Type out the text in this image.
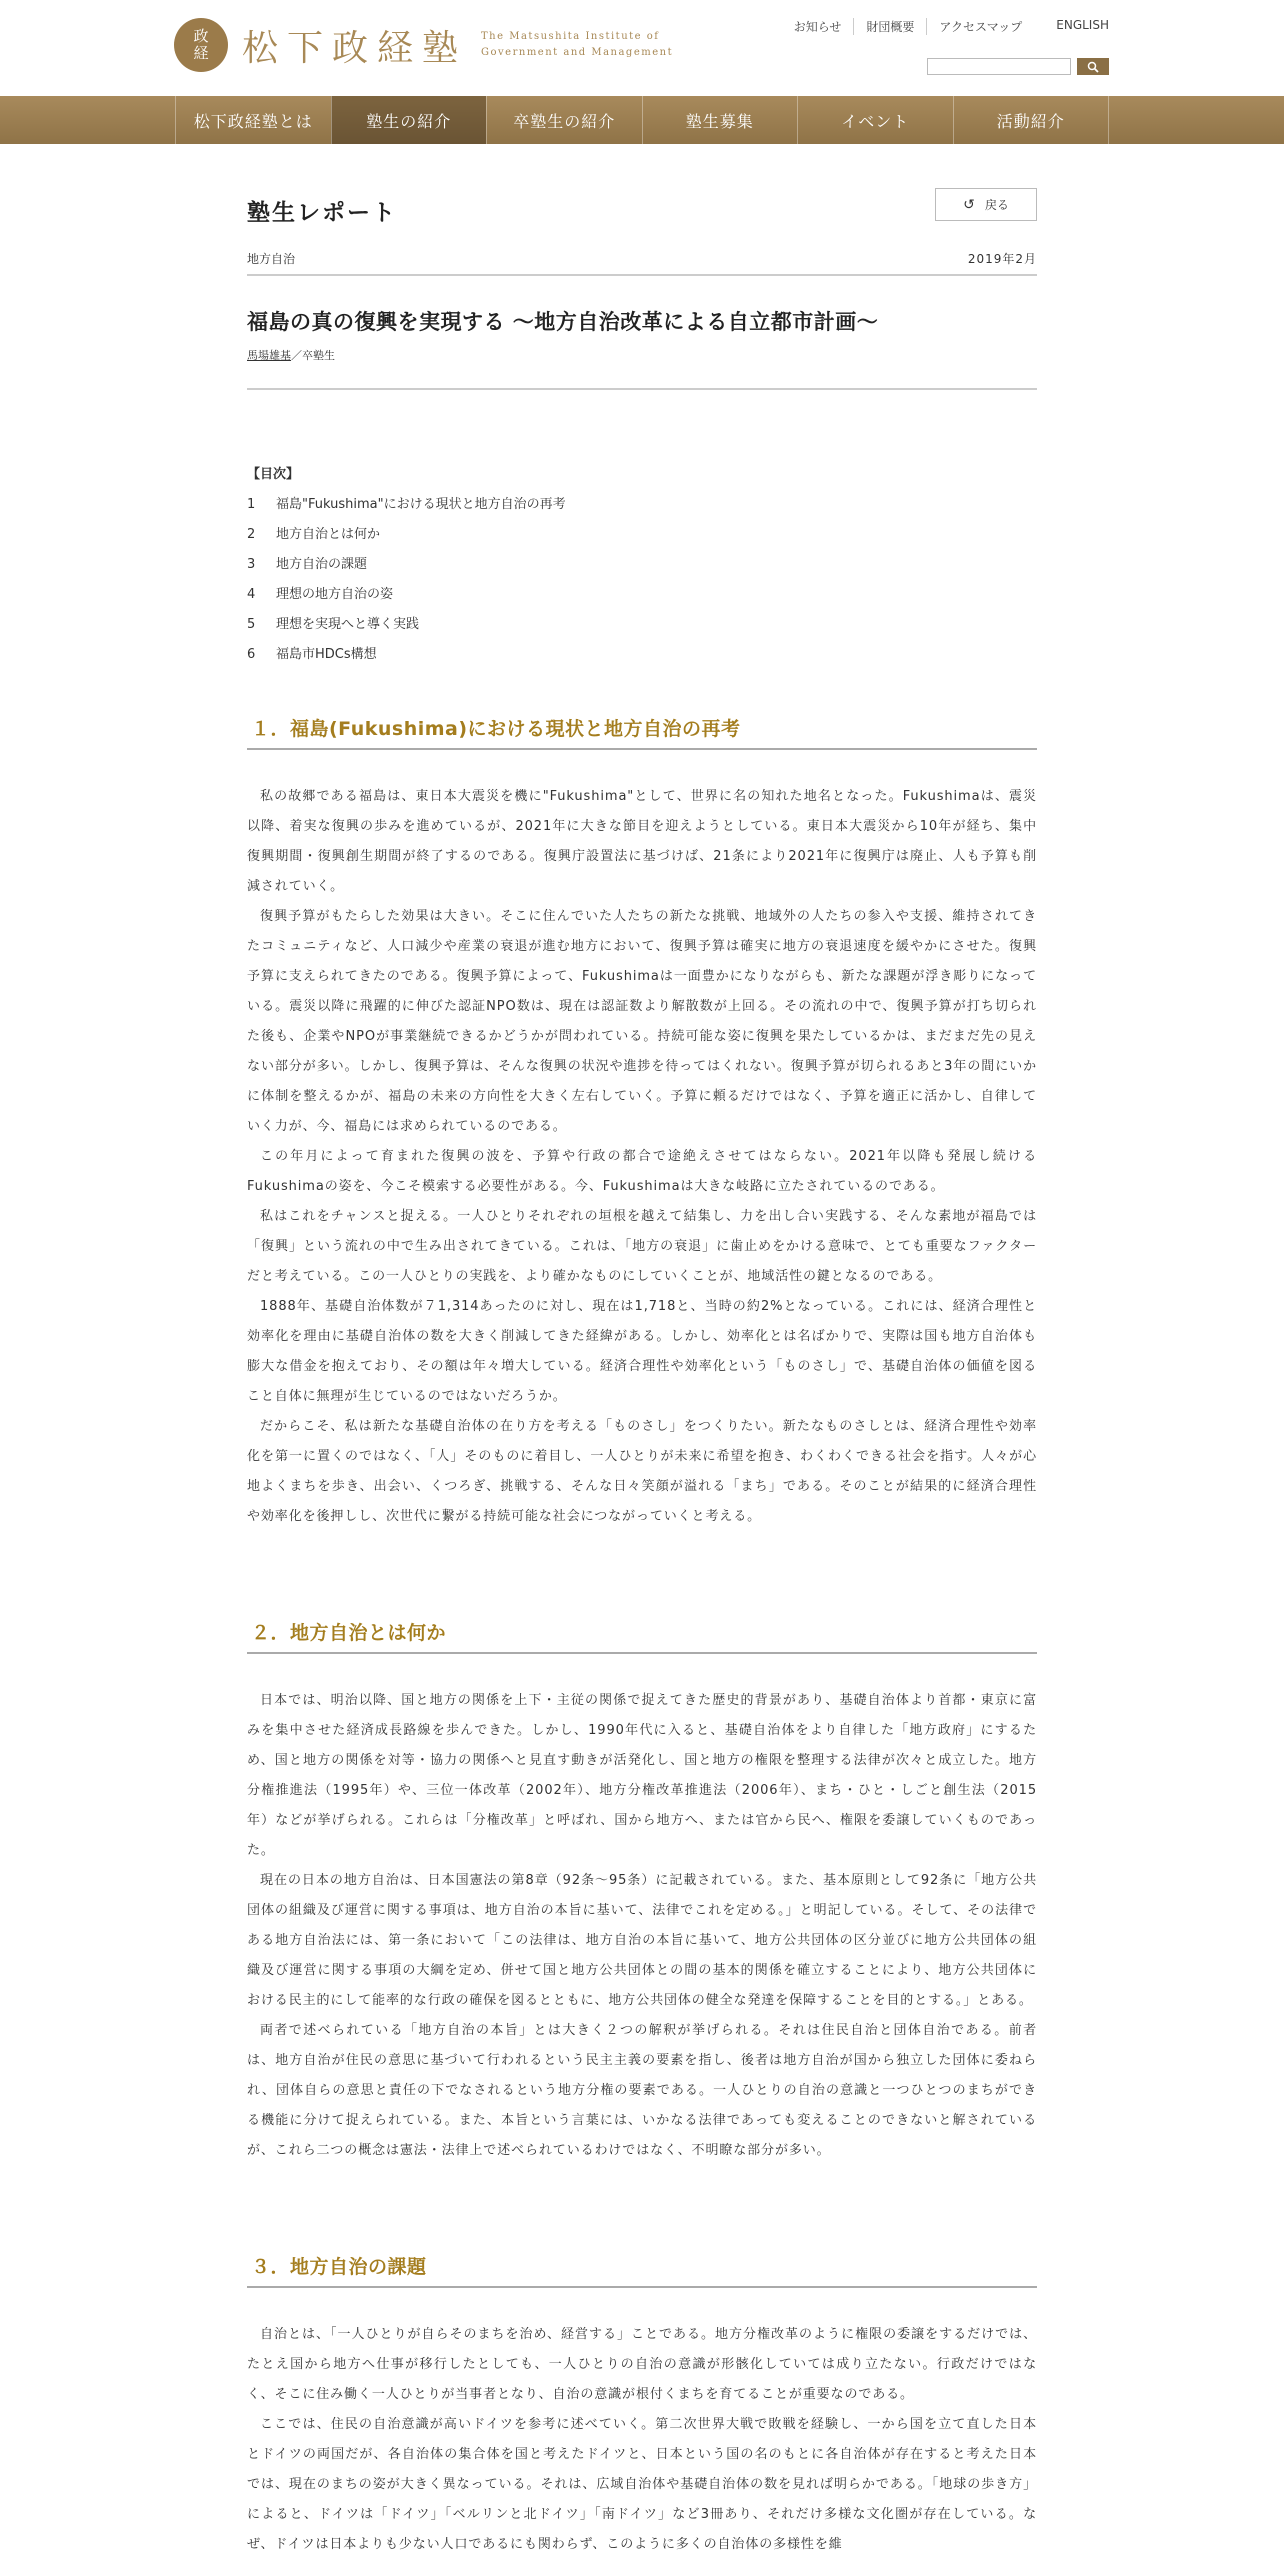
政
経 松下政経塾 The Matsushita Institute of
Government and Management
お知らせ	財団概要	アクセスマップ	ENGLISH
松下政経塾とは	塾生の紹介	卒塾生の紹介	塾生募集	イベント	活動紹介
塾生レポート	↺ 戻る
地方自治	2019年2月
福島の真の復興を実現する ～地方自治改革による自立都市計画～
馬場雄基／卒塾生
【目次】
1	福島"Fukushima"における現状と地方自治の再考
2	地方自治とは何か
3	地方自治の課題
4	理想の地方自治の姿
5	理想を実現へと導く実践
6	福島市HDCs構想
１．福島(Fukushima)における現状と地方自治の再考

私の故郷である福島は、東日本大震災を機に"Fukushima"として、世界に名の知れた地名となった。Fukushimaは、震災以降、着実な復興の歩みを進めているが、2021年に大きな節目を迎えようとしている。東日本大震災から10年が経ち、集中復興期間・復興創生期間が終了するのである。復興庁設置法に基づけば、21条により2021年に復興庁は廃止、人も予算も削減されていく。

復興予算がもたらした効果は大きい。そこに住んでいた人たちの新たな挑戦、地域外の人たちの参入や支援、維持されてきたコミュニティなど、人口減少や産業の衰退が進む地方において、復興予算は確実に地方の衰退速度を緩やかにさせた。復興予算に支えられてきたのである。復興予算によって、Fukushimaは一面豊かになりながらも、新たな課題が浮き彫りになっている。震災以降に飛躍的に伸びた認証NPO数は、現在は認証数より解散数が上回る。その流れの中で、復興予算が打ち切られた後も、企業やNPOが事業継続できるかどうかが問われている。持続可能な姿に復興を果たしているかは、まだまだ先の見えない部分が多い。しかし、復興予算は、そんな復興の状況や進捗を待ってはくれない。復興予算が切られるあと3年の間にいかに体制を整えるかが、福島の未来の方向性を大きく左右していく。予算に頼るだけではなく、予算を適正に活かし、自律していく力が、今、福島には求められているのである。

この年月によって育まれた復興の波を、予算や行政の都合で途絶えさせてはならない。2021年以降も発展し続けるFukushimaの姿を、今こそ模索する必要性がある。今、Fukushimaは大きな岐路に立たされているのである。

私はこれをチャンスと捉える。一人ひとりそれぞれの垣根を越えて結集し、力を出し合い実践する、そんな素地が福島では「復興」という流れの中で生み出されてきている。これは、「地方の衰退」に歯止めをかける意味で、とても重要なファクターだと考えている。この一人ひとりの実践を、より確かなものにしていくことが、地域活性の鍵となるのである。

1888年、基礎自治体数が７1,314あったのに対し、現在は1,718と、当時の約2%となっている。これには、経済合理性と効率化を理由に基礎自治体の数を大きく削減してきた経緯がある。しかし、効率化とは名ばかりで、実際は国も地方自治体も膨大な借金を抱えており、その額は年々増大している。経済合理性や効率化という「ものさし」で、基礎自治体の価値を図ること自体に無理が生じているのではないだろうか。

だからこそ、私は新たな基礎自治体の在り方を考える「ものさし」をつくりたい。新たなものさしとは、経済合理性や効率化を第一に置くのではなく、「人」そのものに着目し、一人ひとりが未来に希望を抱き、わくわくできる社会を指す。人々が心地よくまちを歩き、出会い、くつろぎ、挑戦する、そんな日々笑顔が溢れる「まち」である。そのことが結果的に経済合理性や効率化を後押しし、次世代に繋がる持続可能な社会につながっていくと考える。

２．地方自治とは何か

日本では、明治以降、国と地方の関係を上下・主従の関係で捉えてきた歴史的背景があり、基礎自治体より首都・東京に富みを集中させた経済成長路線を歩んできた。しかし、1990年代に入ると、基礎自治体をより自律した「地方政府」にするため、国と地方の関係を対等・協力の関係へと見直す動きが活発化し、国と地方の権限を整理する法律が次々と成立した。地方分権推進法（1995年）や、三位一体改革（2002年）、地方分権改革推進法（2006年）、まち・ひと・しごと創生法（2015年）などが挙げられる。これらは「分権改革」と呼ばれ、国から地方へ、または官から民へ、権限を委譲していくものであった。

現在の日本の地方自治は、日本国憲法の第8章（92条～95条）に記載されている。また、基本原則として92条に「地方公共団体の組織及び運営に関する事項は、地方自治の本旨に基いて、法律でこれを定める。」と明記している。そして、その法律である地方自治法には、第一条において「この法律は、地方自治の本旨に基いて、地方公共団体の区分並びに地方公共団体の組織及び運営に関する事項の大綱を定め、併せて国と地方公共団体との間の基本的関係を確立することにより、地方公共団体における民主的にして能率的な行政の確保を図るとともに、地方公共団体の健全な発達を保障することを目的とする。」とある。

両者で述べられている「地方自治の本旨」とは大きく２つの解釈が挙げられる。それは住民自治と団体自治である。前者は、地方自治が住民の意思に基づいて行われるという民主主義の要素を指し、後者は地方自治が国から独立した団体に委ねられ、団体自らの意思と責任の下でなされるという地方分権の要素である。一人ひとりの自治の意識と一つひとつのまちができる機能に分けて捉えられている。また、本旨という言葉には、いかなる法律であっても変えることのできないと解されているが、これら二つの概念は憲法・法律上で述べられているわけではなく、不明瞭な部分が多い。

３．地方自治の課題

自治とは、「一人ひとりが自らそのまちを治め、経営する」ことである。地方分権改革のように権限の委譲をするだけでは、たとえ国から地方へ仕事が移行したとしても、一人ひとりの自治の意識が形骸化していては成り立たない。行政だけではなく、そこに住み働く一人ひとりが当事者となり、自治の意識が根付くまちを育てることが重要なのである。

ここでは、住民の自治意識が高いドイツを参考に述べていく。第二次世界大戦で敗戦を経験し、一から国を立て直した日本とドイツの両国だが、各自治体の集合体を国と考えたドイツと、日本という国の名のもとに各自治体が存在すると考えた日本では、現在のまちの姿が大きく異なっている。それは、広域自治体や基礎自治体の数を見れば明らかである。「地球の歩き方」によると、ドイツは「ドイツ」「ベルリンと北ドイツ」「南ドイツ」など3冊あり、それだけ多様な文化圏が存在している。なぜ、ドイツは日本よりも少ない人口であるにも関わらず、このように多くの自治体の多様性を維
